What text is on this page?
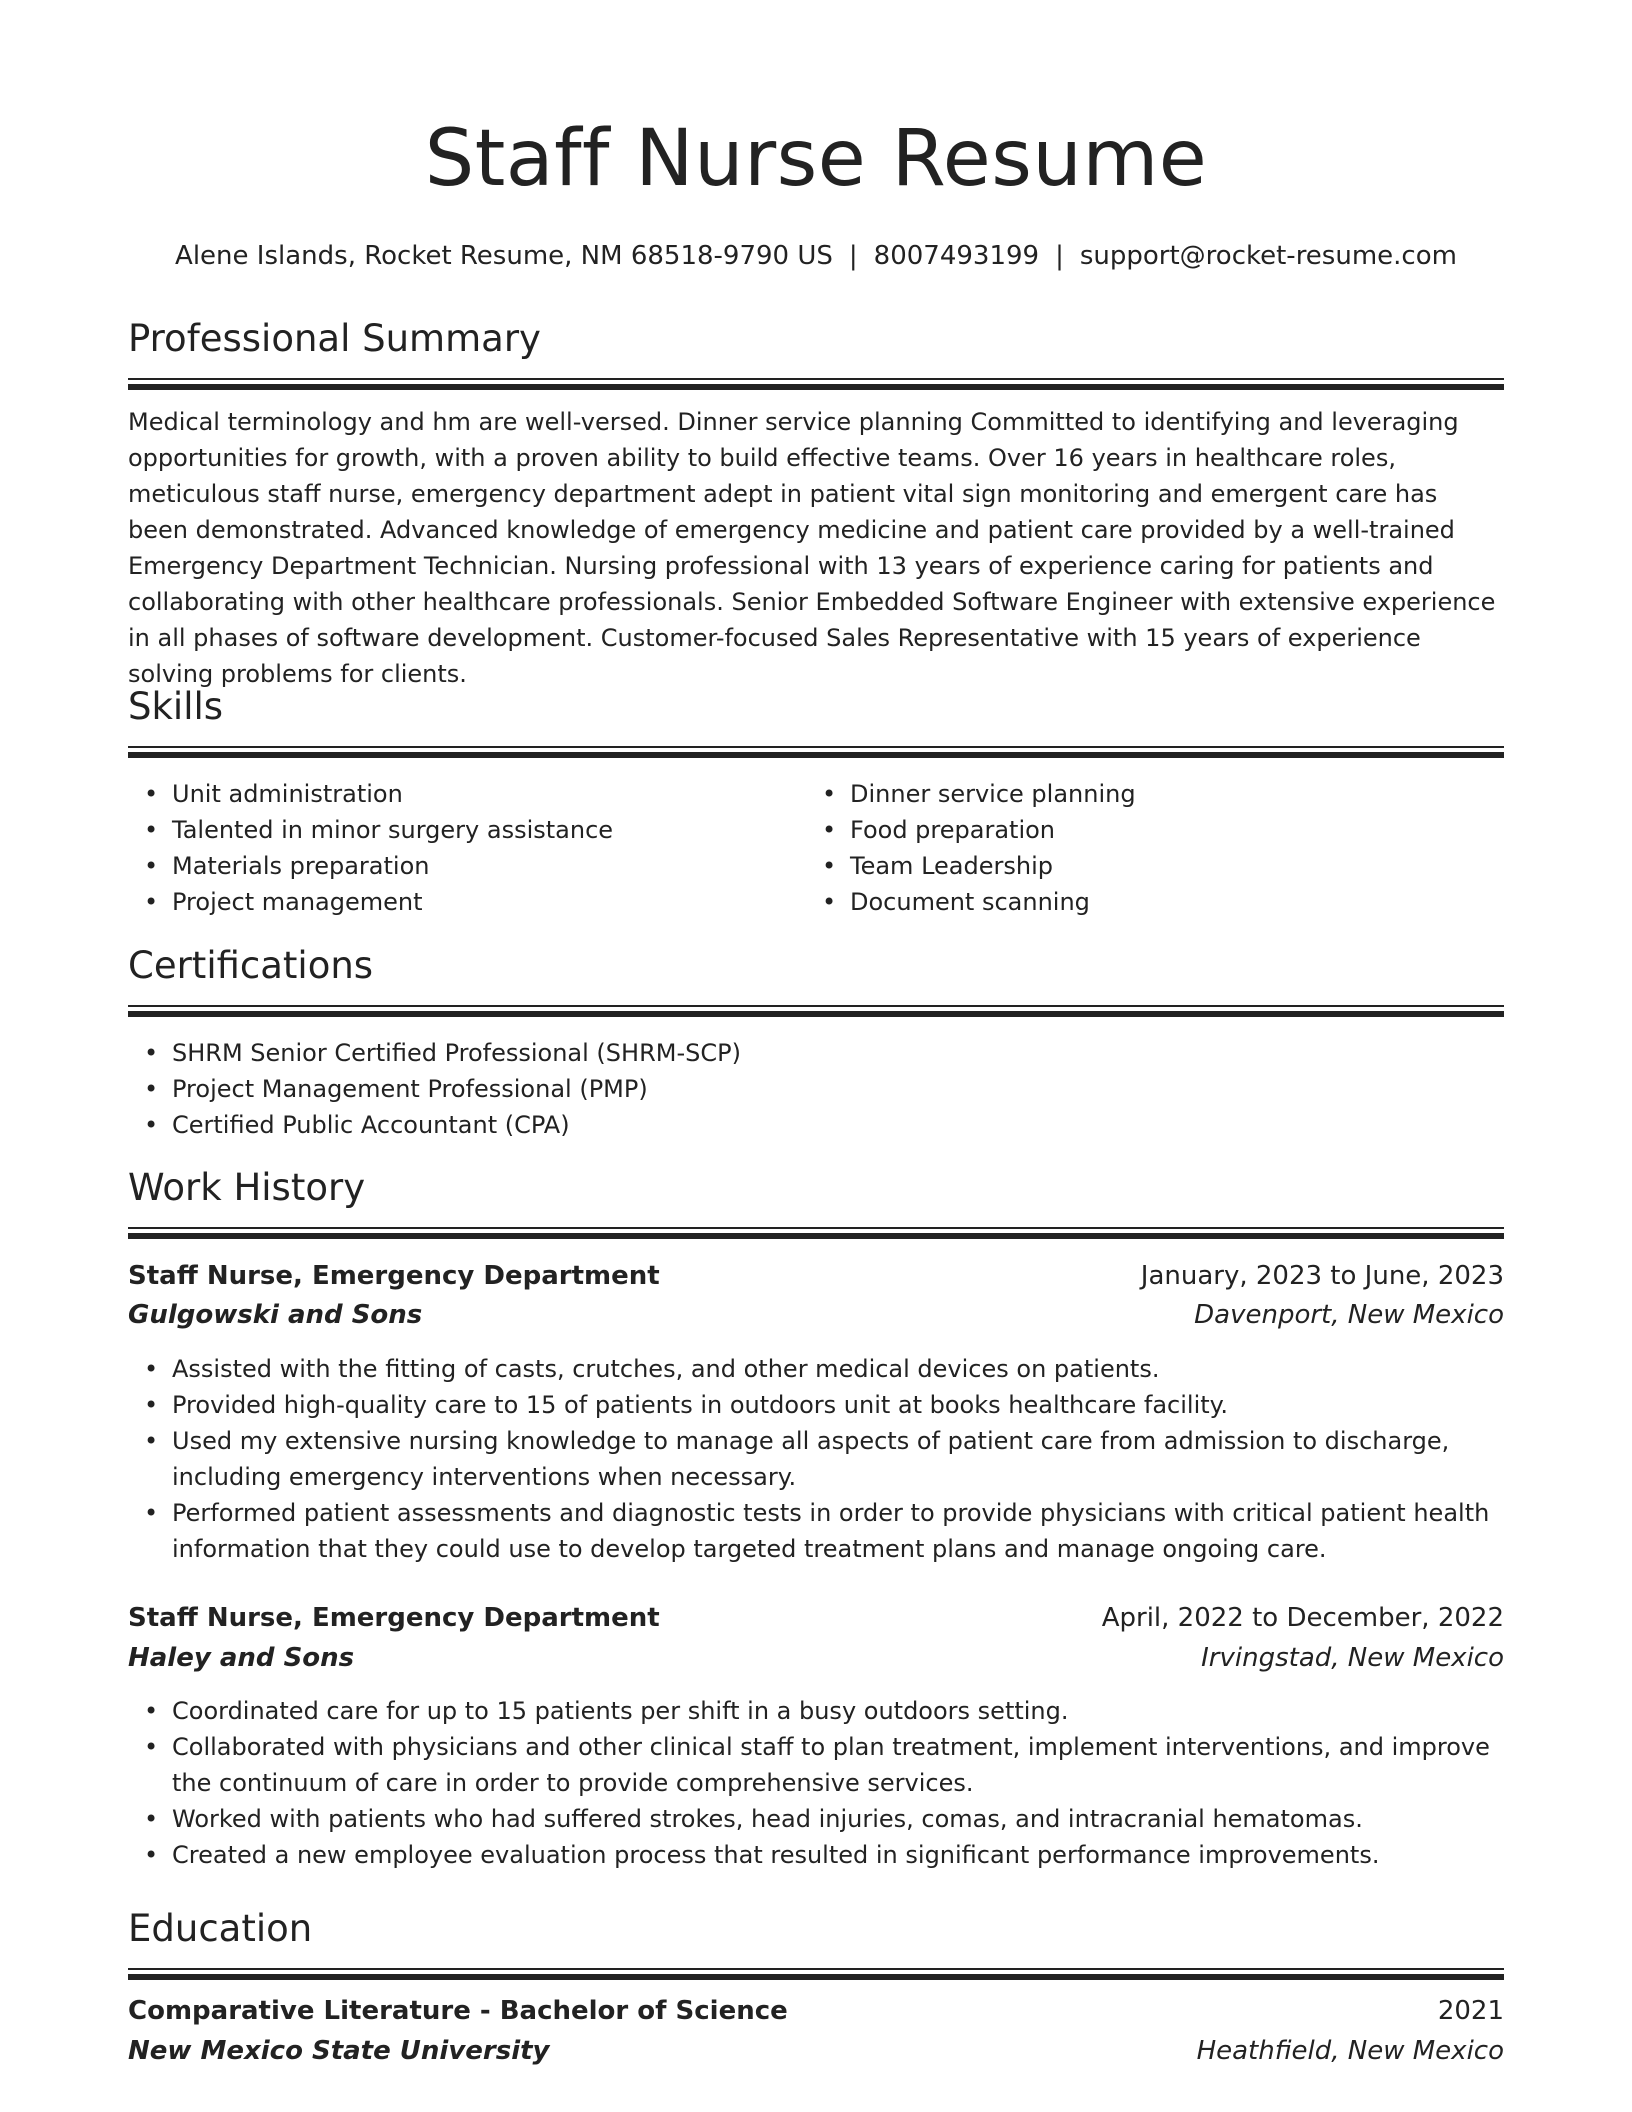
Staff Nurse Resume
Alene Islands, Rocket Resume, NM 68518-9790 US | 8007493199 | support@rocket-resume.com
Professional Summary

Medical terminology and hm are well-versed. Dinner service planning Committed to identifying and leveraging opportunities for growth, with a proven ability to build effective teams. Over 16 years in healthcare roles, meticulous staff nurse, emergency department adept in patient vital sign monitoring and emergent care has been demonstrated. Advanced knowledge of emergency medicine and patient care provided by a well-trained Emergency Department Technician. Nursing professional with 13 years of experience caring for patients and collaborating with other healthcare professionals. Senior Embedded Software Engineer with extensive experience in all phases of software development. Customer-focused Sales Representative with 15 years of experience solving problems for clients.

Skills
• Unit administration
• Talented in minor surgery assistance
• Materials preparation
• Project management
• Dinner service planning
• Food preparation
• Team Leadership
• Document scanning
Certifications
• SHRM Senior Certified Professional (SHRM-SCP)
• Project Management Professional (PMP)
• Certified Public Accountant (CPA)
Work History
Staff Nurse, Emergency Department	January, 2023 to June, 2023
Gulgowski and Sons	Davenport, New Mexico
• Assisted with the fitting of casts, crutches, and other medical devices on patients.
• Provided high-quality care to 15 of patients in outdoors unit at books healthcare facility.
• Used my extensive nursing knowledge to manage all aspects of patient care from admission to discharge, including emergency interventions when necessary.
• Performed patient assessments and diagnostic tests in order to provide physicians with critical patient health information that they could use to develop targeted treatment plans and manage ongoing care.
Staff Nurse, Emergency Department	April, 2022 to December, 2022
Haley and Sons	Irvingstad, New Mexico
• Coordinated care for up to 15 patients per shift in a busy outdoors setting.
• Collaborated with physicians and other clinical staff to plan treatment, implement interventions, and improve the continuum of care in order to provide comprehensive services.
• Worked with patients who had suffered strokes, head injuries, comas, and intracranial hematomas.
• Created a new employee evaluation process that resulted in significant performance improvements.
Education
Comparative Literature - Bachelor of Science	2021
New Mexico State University	Heathfield, New Mexico
